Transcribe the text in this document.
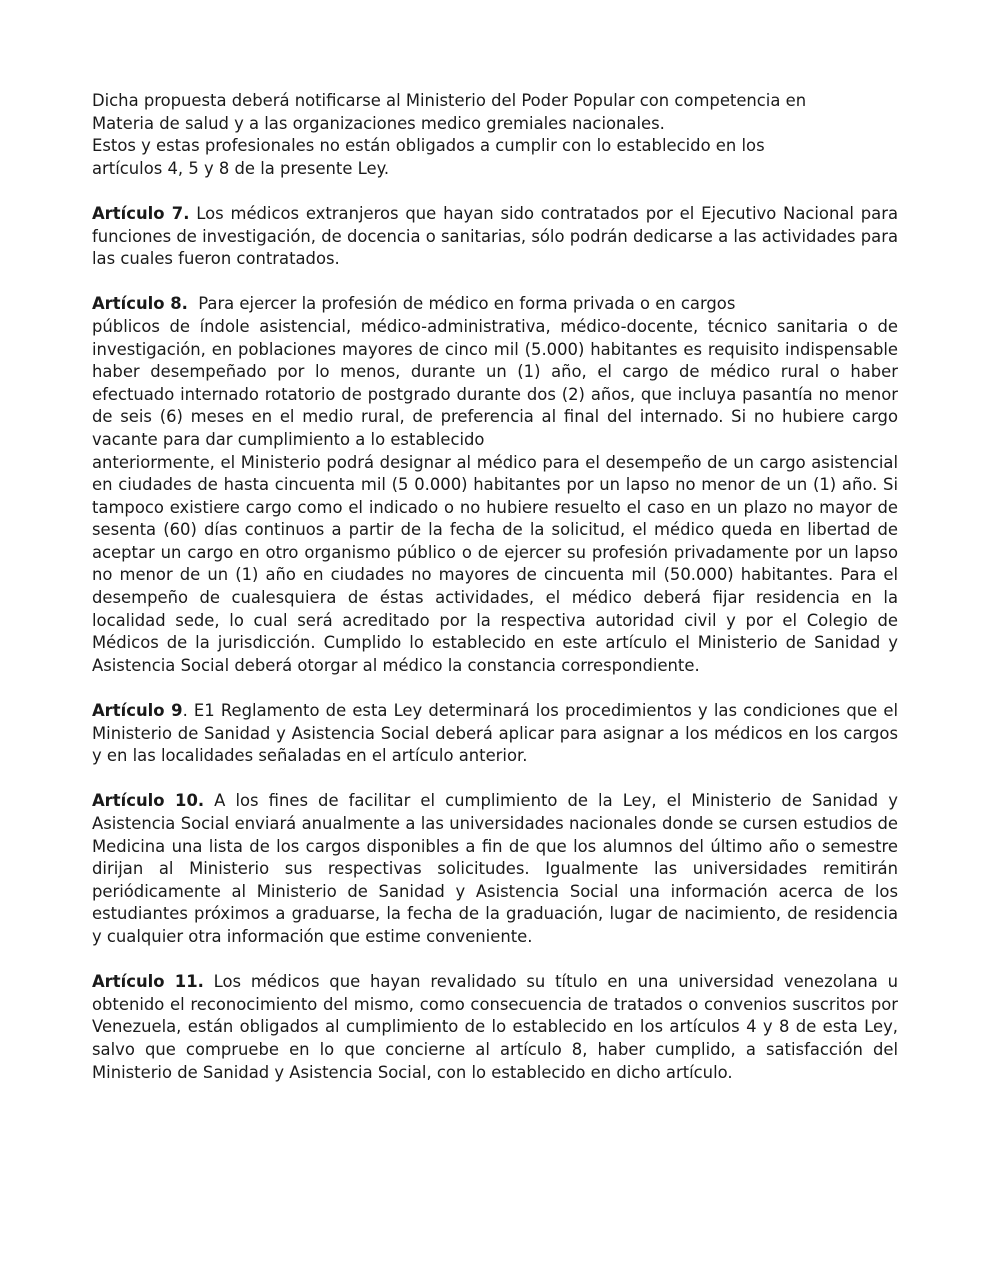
Dicha propuesta deberá notificarse al Ministerio del Poder Popular con competencia en
Materia de salud y a las organizaciones medico gremiales nacionales.
Estos y estas profesionales no están obligados a cumplir con lo establecido en los
artículos 4, 5 y 8 de la presente Ley.

Artículo 7. Los médicos extranjeros que hayan sido contratados por el Ejecutivo Nacional para funciones de investigación, de docencia o sanitarias, sólo podrán dedicarse a las actividades para las cuales fueron contratados.

Artículo 8.  Para ejercer la profesión de médico en forma privada o en cargos
públicos de índole asistencial, médico-administrativa, médico-docente, técnico sanitaria o de investigación, en poblaciones mayores de cinco mil (5.000) habitantes es requisito indispensable haber desempeñado por lo menos, durante un (1) año, el cargo de médico rural o haber efectuado internado rotatorio de postgrado durante dos (2) años, que incluya pasantía no menor de seis (6) meses en el medio rural, de preferencia al final del internado. Si no hubiere cargo vacante para dar cumplimiento a lo establecido
anteriormente, el Ministerio podrá designar al médico para el desempeño de un cargo asistencial en ciudades de hasta cincuenta mil (5 0.000) habitantes por un lapso no menor de un (1) año. Si tampoco existiere cargo como el indicado o no hubiere resuelto el caso en un plazo no mayor de sesenta (60) días continuos a partir de la fecha de la solicitud, el médico queda en libertad de aceptar un cargo en otro organismo público o de ejercer su profesión privadamente por un lapso no menor de un (1) año en ciudades no mayores de cincuenta mil (50.000) habitantes. Para el desempeño de cualesquiera de éstas actividades, el médico deberá fijar residencia en la localidad sede, lo cual será acreditado por la respectiva autoridad civil y por el Colegio de Médicos de la jurisdicción. Cumplido lo establecido en este artículo el Ministerio de Sanidad y Asistencia Social deberá otorgar al médico la constancia correspondiente.

Artículo 9. E1 Reglamento de esta Ley determinará los procedimientos y las condiciones que el Ministerio de Sanidad y Asistencia Social deberá aplicar para asignar a los médicos en los cargos y en las localidades señaladas en el artículo anterior.

Artículo 10. A los fines de facilitar el cumplimiento de la Ley, el Ministerio de Sanidad y Asistencia Social enviará anualmente a las universidades nacionales donde se cursen estudios de Medicina una lista de los cargos disponibles a fin de que los alumnos del último año o semestre dirijan al Ministerio sus respectivas solicitudes. Igualmente las universidades remitirán periódicamente al Ministerio de Sanidad y Asistencia Social una información acerca de los estudiantes próximos a graduarse, la fecha de la graduación, lugar de nacimiento, de residencia y cualquier otra información que estime conveniente.

Artículo 11. Los médicos que hayan revalidado su título en una universidad venezolana u obtenido el reconocimiento del mismo, como consecuencia de tratados o convenios suscritos por Venezuela, están obligados al cumplimiento de lo establecido en los artículos 4 y 8 de esta Ley, salvo que compruebe en lo que concierne al artículo 8, haber cumplido, a satisfacción del Ministerio de Sanidad y Asistencia Social, con lo establecido en dicho artículo.
